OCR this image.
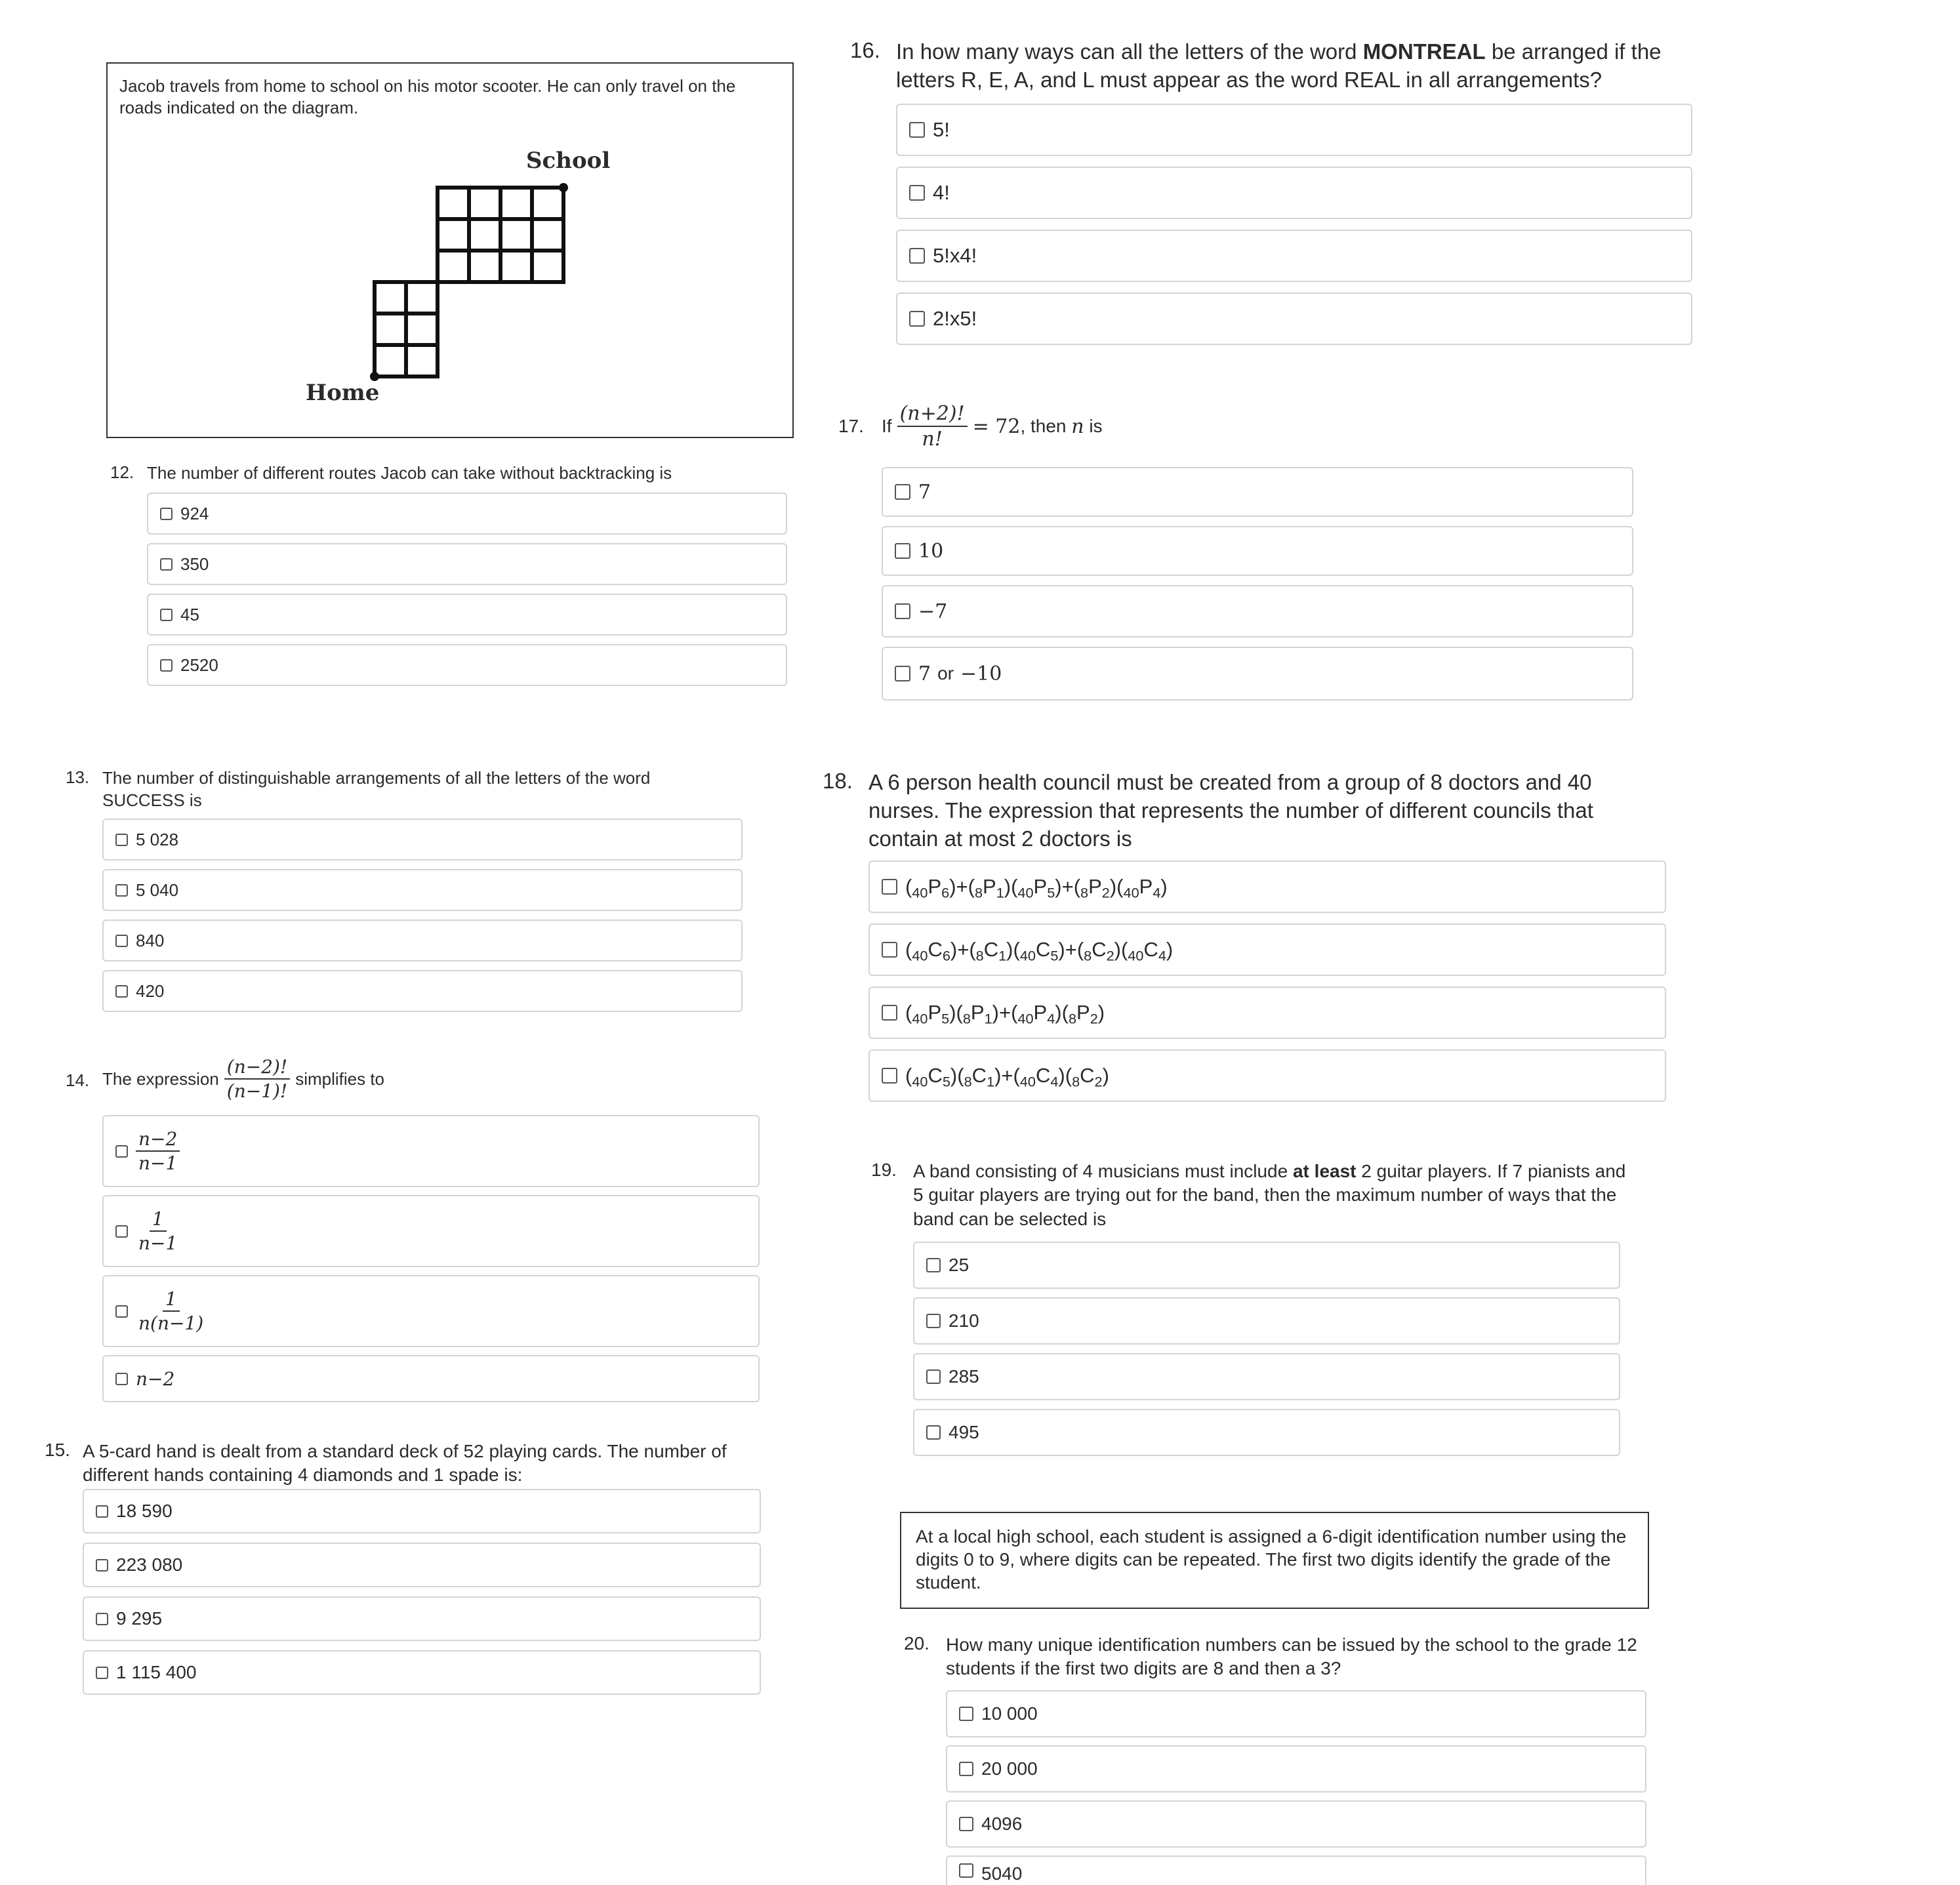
Jacob travels from home to school on his motor scooter. He can only travel on the roads indicated on the diagram.
School
Home
12. The number of different routes Jacob can take without backtracking is
924
350
45
2520
13. The number of distinguishable arrangements of all the letters of the word SUCCESS is
5 028
5 040
840
420
14. The expression $\frac{(n-2)!}{(n-1)!}$ simplifies to
$\frac{n-2}{n-1}$
$\frac{1}{n-1}$
$\frac{1}{n(n-1)}$
n−2
15. A 5-card hand is dealt from a standard deck of 52 playing cards. The number of different hands containing 4 diamonds and 1 spade is:
18 590
223 080
9 295
1 115 400
16. In how many ways can all the letters of the word MONTREAL be arranged if the letters R, E, A, and L must appear as the word REAL in all arrangements?
5!
4!
5!x4!
2!x5!
17. If $\frac{(n+2)!}{n!} = 72$ , then n is
7
10
−7
7 or −10
18. A 6 person health council must be created from a group of 8 doctors and 40 nurses. The expression that represents the number of different councils that contain at most 2 doctors is
$(_{40}P_6)+(_8P_1)(_{40}P_5)+(_8P_2)(_{40}P_4)$
$(_{40}C_6)+(_8C_1)(_{40}C_5)+(_8C_2)(_{40}C_4)$
$(_{40}P_5)(_8P_1)+(_{40}P_4)(_8P_2)$
$(_{40}C_5)(_8C_1)+(_{40}C_4)(_8C_2)$
19. A band consisting of 4 musicians must include at least 2 guitar players. If 7 pianists and 5 guitar players are trying out for the band, then the maximum number of ways that the band can be selected is
25
210
285
495
At a local high school, each student is assigned a 6-digit identification number using the digits 0 to 9, where digits can be repeated. The first two digits identify the grade of the student.
20. How many unique identification numbers can be issued by the school to the grade 12 students if the first two digits are 8 and then a 3?
10 000
20 000
4096
5040
